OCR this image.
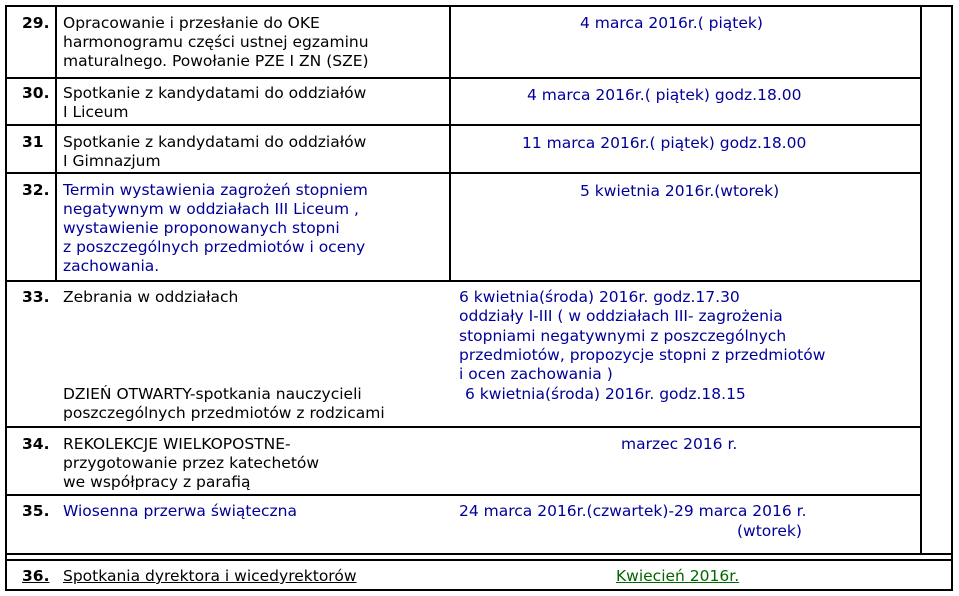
29. Opracowanie i przesłanie do OKE
harmonogramu części ustnej egzaminu
maturalnego. Powołanie PZE I ZN (SZE)
4 marca 2016r.( piątek)
30. Spotkanie z kandydatami do oddziałów
I Liceum
4 marca 2016r.( piątek) godz.18.00
31 Spotkanie z kandydatami do oddziałów
I Gimnazjum
11 marca 2016r.( piątek) godz.18.00
32. Termin wystawienia zagrożeń stopniem
negatywnym w oddziałach III Liceum ,
wystawienie proponowanych stopni
z poszczególnych przedmiotów i oceny
zachowania.
5 kwietnia 2016r.(wtorek)
33. Zebrania w oddziałach
DZIEŃ OTWARTY-spotkania nauczycieli
poszczególnych przedmiotów z rodzicami
6 kwietnia(środa) 2016r. godz.17.30
oddziały I-III ( w oddziałach III- zagrożenia
stopniami negatywnymi z poszczególnych
przedmiotów, propozycje stopni z przedmiotów
i ocen zachowania )
6 kwietnia(środa) 2016r. godz.18.15
34. REKOLEKCJE WIELKOPOSTNE-
przygotowanie przez katechetów
we współpracy z parafią
marzec 2016 r.
35. Wiosenna przerwa świąteczna	24 marca 2016r.(czwartek)-29 marca 2016 r.
(wtorek)
36. Spotkania dyrektora i wicedyrektorów	Kwiecień 2016r.
